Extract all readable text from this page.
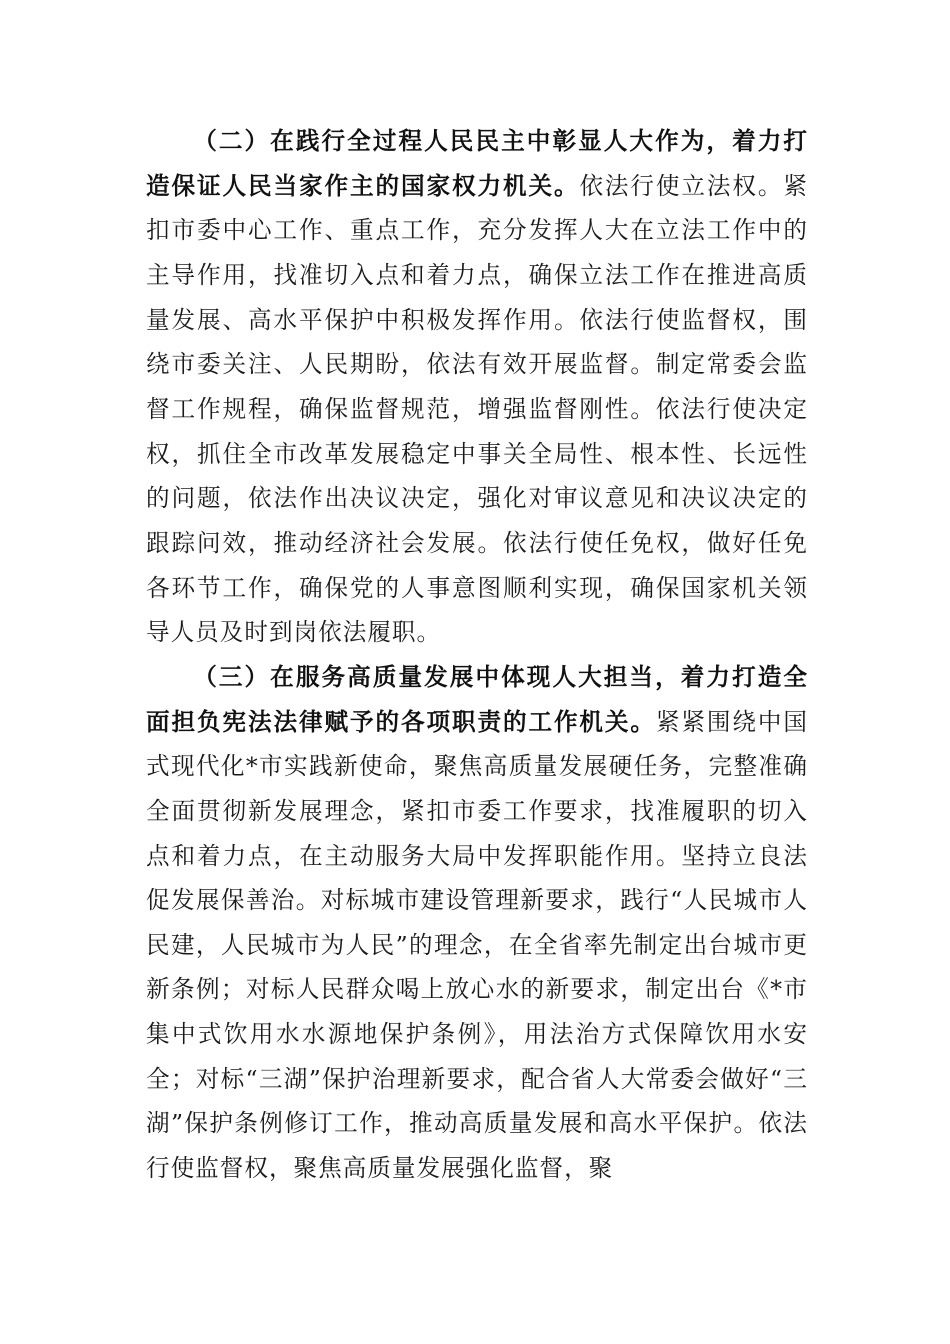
（二）在践行全过程人民民主中彰显人大作为，着力打造保证人民当家作主的国家权力机关。依法行使立法权。紧扣市委中心工作、重点工作，充分发挥人大在立法工作中的主导作用，找准切入点和着力点，确保立法工作在推进高质量发展、高水平保护中积极发挥作用。依法行使监督权，围绕市委关注、人民期盼，依法有效开展监督。制定常委会监督工作规程，确保监督规范，增强监督刚性。依法行使决定权，抓住全市改革发展稳定中事关全局性、根本性、长远性的问题，依法作出决议决定，强化对审议意见和决议决定的跟踪问效，推动经济社会发展。依法行使任免权，做好任免各环节工作，确保党的人事意图顺利实现，确保国家机关领导人员及时到岗依法履职。

（三）在服务高质量发展中体现人大担当，着力打造全面担负宪法法律赋予的各项职责的工作机关。紧紧围绕中国式现代化*市实践新使命，聚焦高质量发展硬任务，完整准确全面贯彻新发展理念，紧扣市委工作要求，找准履职的切入点和着力点，在主动服务大局中发挥职能作用。坚持立良法促发展保善治。对标城市建设管理新要求，践行“人民城市人民建，人民城市为人民”的理念，在全省率先制定出台城市更新条例；对标人民群众喝上放心水的新要求，制定出台《*市集中式饮用水水源地保护条例》，用法治方式保障饮用水安全；对标“三湖”保护治理新要求，配合省人大常委会做好“三湖”保护条例修订工作，推动高质量发展和高水平保护。依法行使监督权，聚焦高质量发展强化监督，聚
